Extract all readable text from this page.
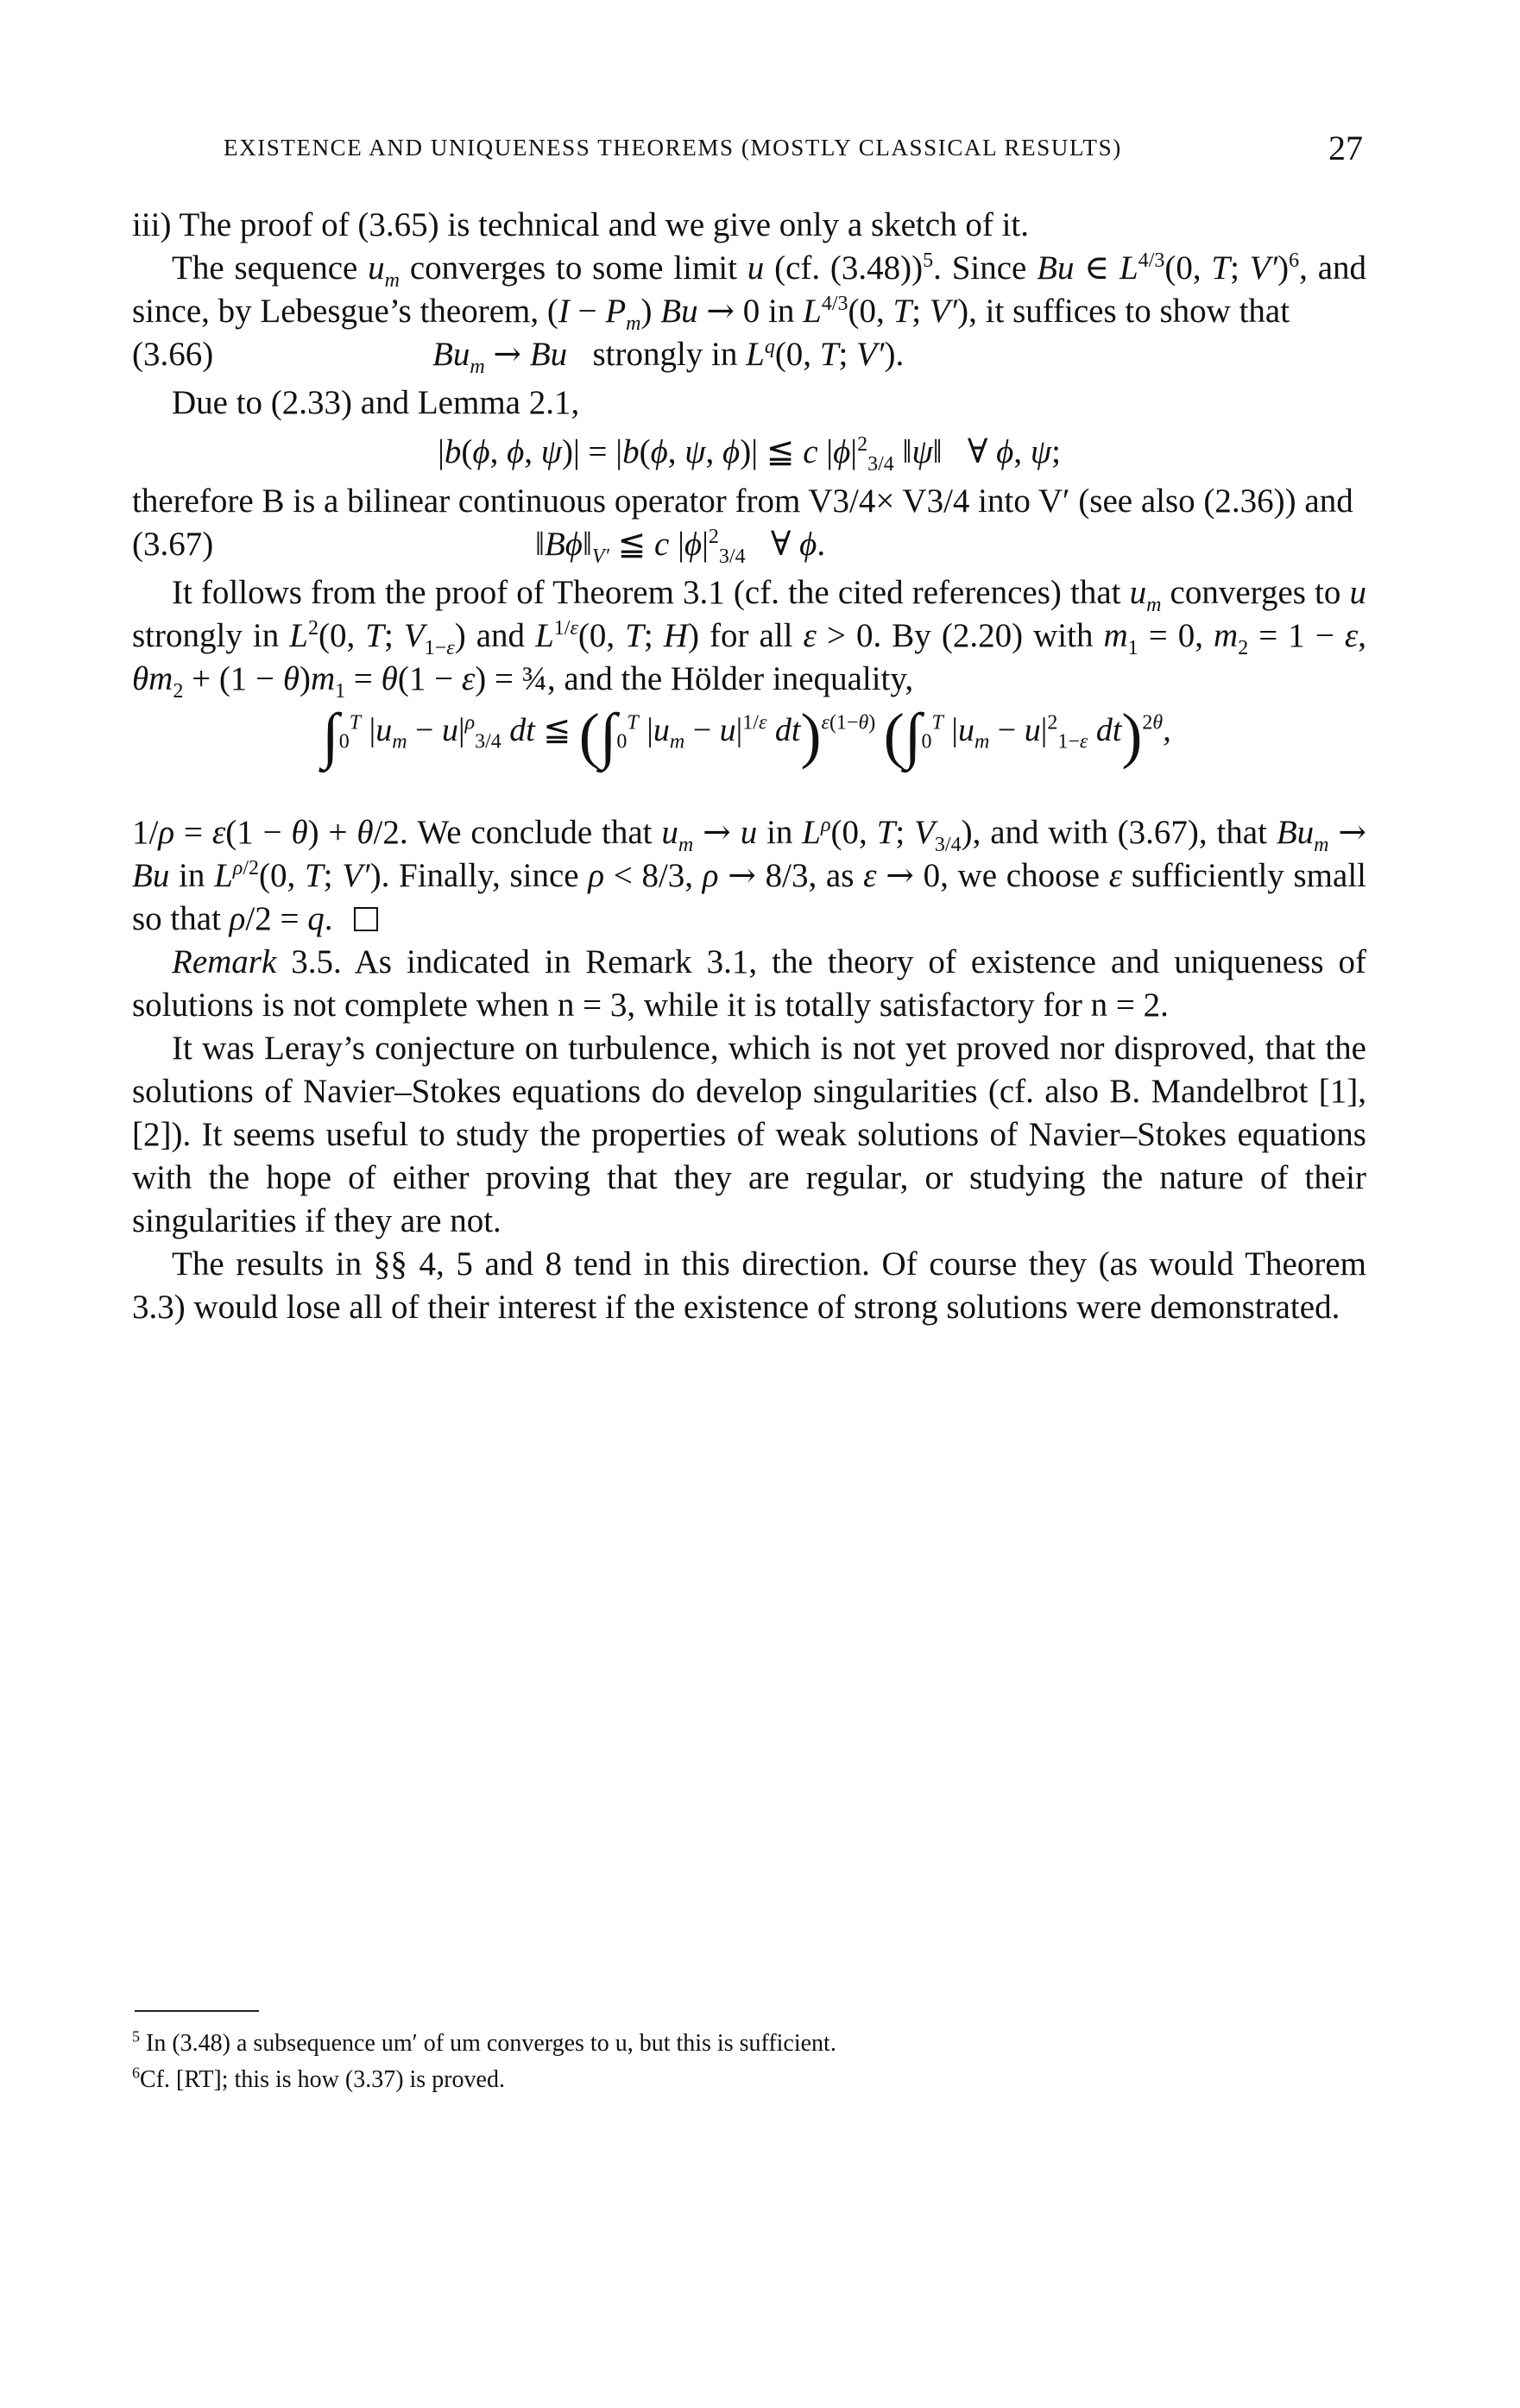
EXISTENCE AND UNIQUENESS THEOREMS (MOSTLY CLASSICAL RESULTS)	27

iii) The proof of (3.65) is technical and we give only a sketch of it.

The sequence $u_m$ converges to some limit u (cf. (3.48))$^5$. Since Bu ∈ $L^{4/3}(0$, T; V′)$^6$, and since, by Lebesgue’s theorem, $(I - P_m)$ Bu → 0 in $L^{4/3}(0$, T; V′), it suffices to show that

(3.66)	$Bu_m \to Bu$   strongly in $L^q(0$, T; V′).

Due to (2.33) and Lemma 2.1,

|b(ϕ, ϕ, ψ)| = |b(ϕ, ψ, ϕ)| ≦ c $|\phi|^2_{3/4}$ ‖ψ‖   ∀ ϕ, ψ;

therefore B is a bilinear continuous operator from V3/4× V3/4 into V′ (see also (2.36)) and

(3.67)	$‖B\phi‖_{V'}$ ≦ c $|\phi|^2_{3/4}$ ∀ ϕ.

It follows from the proof of Theorem 3.1 (cf. the cited references) that $u_m$ converges to u strongly in $L^2(0$, T; $V_{1-\varepsilon}$) and $L^{1/\varepsilon}(0$, T; H) for all ε > 0. By (2.20) with $m_1 = 0$, $m_2 = 1 - \varepsilon$, $\theta m_2 + (1 - \theta)m_1 = \theta(1 - \varepsilon)$ = ¾, and the Hölder inequality,

$\int_0^T$ $|u_m - u|^\rho_{3/4}$ dt ≦ ($\int_0^T$ $|u_m - u|^{1/\varepsilon}$ dt)$^{\varepsilon(1-\theta)}$ ($\int_0^T$ $|u_m - u|^2_{1-\varepsilon}$ dt)$^{2\theta}$,

1/ρ = ε(1 − θ) + θ/2. We conclude that $u_m \to u$ in $L^\rho(0$, T; $V_{3/4}$), and with (3.67), that $Bu_m \to Bu$ in $L^{\rho/2}(0$, T; V′). Finally, since ρ < 8/3, ρ → 8/3, as ε → 0, we choose ε sufficiently small so that ρ/2 = q.

Remark 3.5. As indicated in Remark 3.1, the theory of existence and uniqueness of solutions is not complete when n = 3, while it is totally satisfactory for n = 2.

It was Leray’s conjecture on turbulence, which is not yet proved nor disproved, that the solutions of Navier–Stokes equations do develop singularities (cf. also B. Mandelbrot [1], [2]). It seems useful to study the properties of weak solutions of Navier–Stokes equations with the hope of either proving that they are regular, or studying the nature of their singularities if they are not.

The results in §§ 4, 5 and 8 tend in this direction. Of course they (as would Theorem 3.3) would lose all of their interest if the existence of strong solutions were demonstrated.

$^5$ In (3.48) a subsequence um′ of um converges to u, but this is sufficient.
$^6$Cf. [RT]; this is how (3.37) is proved.
